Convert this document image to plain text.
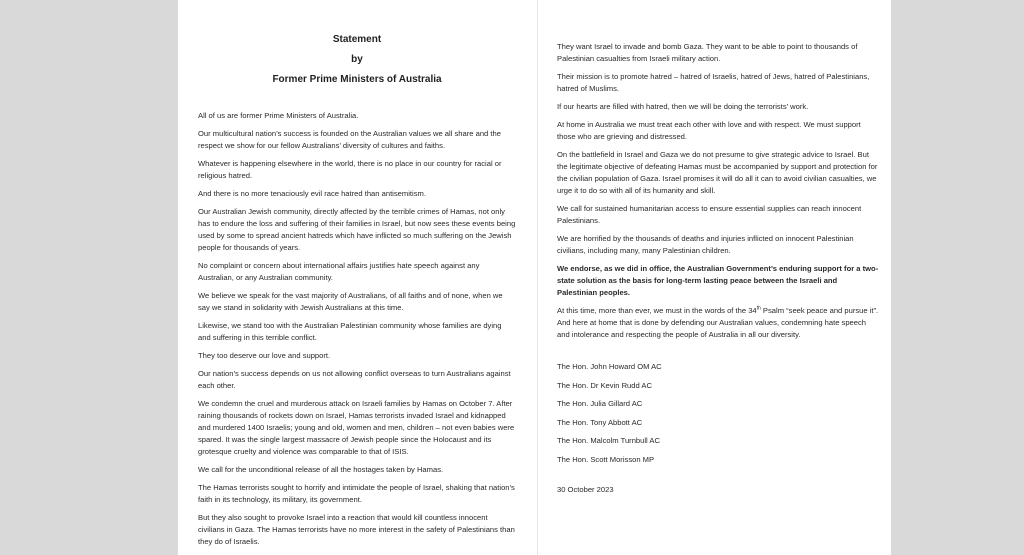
Statement
by
Former Prime Ministers of Australia

All of us are former Prime Ministers of Australia.

Our multicultural nation’s success is founded on the Australian values we all share and the respect we show for our fellow Australians’ diversity of cultures and faiths.

Whatever is happening elsewhere in the world, there is no place in our country for racial or religious hatred.

And there is no more tenaciously evil race hatred than antisemitism.

Our Australian Jewish community, directly affected by the terrible crimes of Hamas, not only has to endure the loss and suffering of their families in Israel, but now sees these events being used by some to spread ancient hatreds which have inflicted so much suffering on the Jewish people for thousands of years.

No complaint or concern about international affairs justifies hate speech against any Australian, or any Australian community.

We believe we speak for the vast majority of Australians, of all faiths and of none, when we say we stand in solidarity with Jewish Australians at this time.

Likewise, we stand too with the Australian Palestinian community whose families are dying and suffering in this terrible conflict.

They too deserve our love and support.

Our nation’s success depends on us not allowing conflict overseas to turn Australians against each other.

We condemn the cruel and murderous attack on Israeli families by Hamas on October 7. After raining thousands of rockets down on Israel, Hamas terrorists invaded Israel and kidnapped and murdered 1400 Israelis; young and old, women and men, children – not even babies were spared. It was the single largest massacre of Jewish people since the Holocaust and its grotesque cruelty and violence was comparable to that of ISIS.

We call for the unconditional release of all the hostages taken by Hamas.

The Hamas terrorists sought to horrify and intimidate the people of Israel, shaking that nation’s faith in its technology, its military, its government.

But they also sought to provoke Israel into a reaction that would kill countless innocent civilians in Gaza. The Hamas terrorists have no more interest in the safety of Palestinians than they do of Israelis.

They want Israel to invade and bomb Gaza. They want to be able to point to thousands of Palestinian casualties from Israeli military action.

Their mission is to promote hatred – hatred of Israelis, hatred of Jews, hatred of Palestinians, hatred of Muslims.

If our hearts are filled with hatred, then we will be doing the terrorists’ work.

At home in Australia we must treat each other with love and with respect. We must support those who are grieving and distressed.

On the battlefield in Israel and Gaza we do not presume to give strategic advice to Israel. But the legitimate objective of defeating Hamas must be accompanied by support and protection for the civilian population of Gaza. Israel promises it will do all it can to avoid civilian casualties, we urge it to do so with all of its humanity and skill.

We call for sustained humanitarian access to ensure essential supplies can reach innocent Palestinians.

We are horrified by the thousands of deaths and injuries inflicted on innocent Palestinian civilians, including many, many Palestinian children.

We endorse, as we did in office, the Australian Government’s enduring support for a two-state solution as the basis for long-term lasting peace between the Israeli and Palestinian peoples.

At this time, more than ever, we must in the words of the 34th Psalm “seek peace and pursue it”. And here at home that is done by defending our Australian values, condemning hate speech and intolerance and respecting the people of Australia in all our diversity.

The Hon. John Howard OM AC
The Hon. Dr Kevin Rudd AC
The Hon. Julia Gillard AC
The Hon. Tony Abbott AC
The Hon. Malcolm Turnbull AC
The Hon. Scott Morisson MP
30 October 2023
